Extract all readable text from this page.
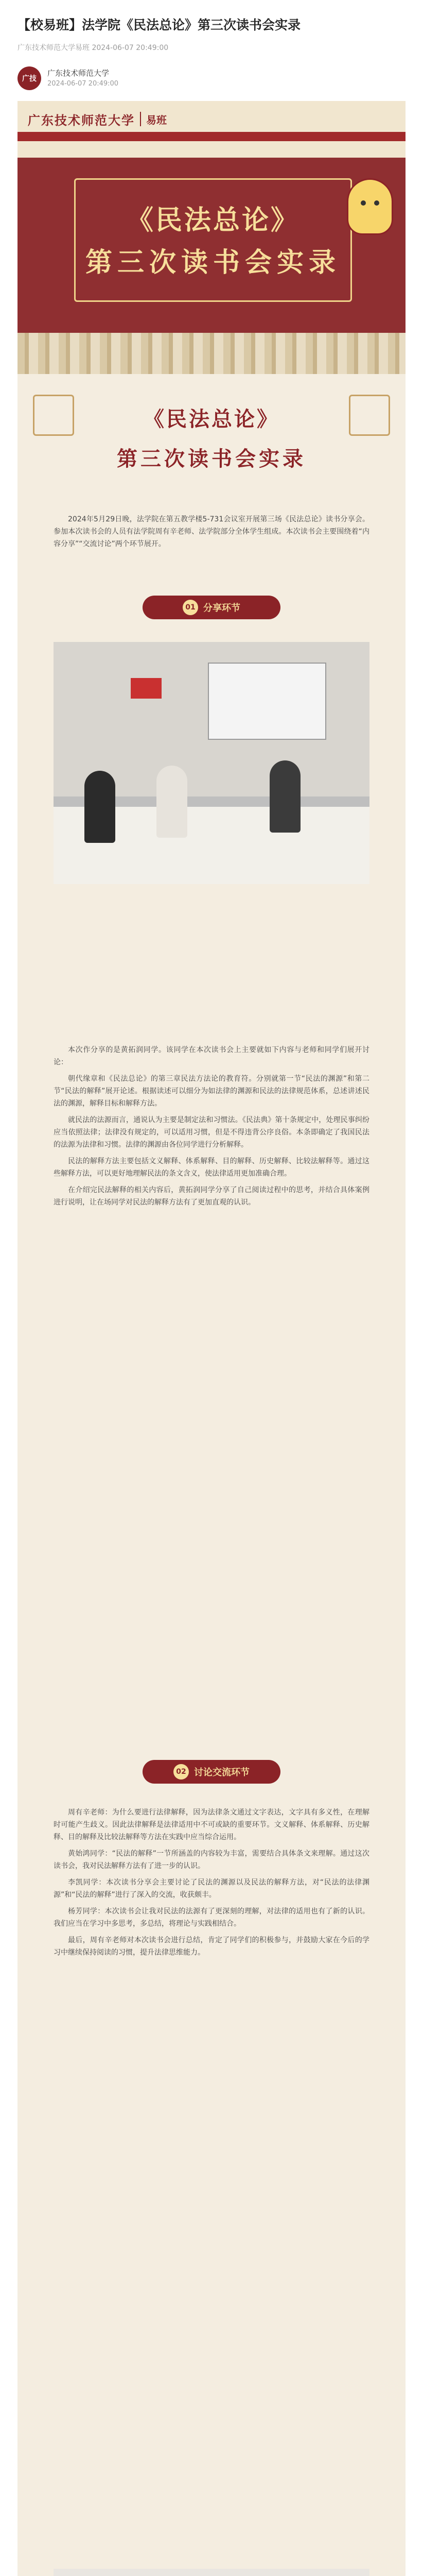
【校易班】法学院《民法总论》第三次读书会实录
广东技术师范大学易班 2024-06-07 20:49:00
广技
广东技术师范大学
2024-06-07 20:49:00
广东技术师范大学 易班
《民法总论》
第三次读书会实录
《民法总论》
第三次读书会实录

2024年5月29日晚，法学院在第五教学楼5-731会议室开展第三场《民法总论》读书分享会。参加本次读书会的人员有法学院周有辛老师、法学院部分全体学生组成。本次读书会主要围绕着“内容分享”“交流讨论”两个环节展开。

01 分享环节

本次作分享的是黄拓润同学。该同学在本次读书会上主要就如下内容与老师和同学们展开讨论：

朝代缘章和《民法总论》的第三章民法方法论的教育符。分别就第一节“民法的渊源”和第二节“民法的解释”展开论述。根据读述可以细分为如法律的渊源和民法的法律规范体系，总述讲述民法的渊源，解释目标和解释方法。

就民法的法源而言，通说认为主要是制定法和习惯法。《民法典》第十条规定中，处理民事纠纷应当依照法律；法律没有规定的，可以适用习惯，但是不得违背公序良俗。本条即确定了我国民法的法源为法律和习惯。法律的渊源由各位同学进行分析解释。

民法的解释方法主要包括文义解释、体系解释、目的解释、历史解释、比较法解释等。通过这些解释方法，可以更好地理解民法的条文含义，使法律适用更加准确合理。

在介绍完民法解释的相关内容后，黄拓润同学分享了自己阅读过程中的思考，并结合具体案例进行说明，让在场同学对民法的解释方法有了更加直观的认识。

02 讨论交流环节

周有辛老师：为什么要进行法律解释，因为法律条文通过文字表达，文字具有多义性，在理解时可能产生歧义。因此法律解释是法律适用中不可或缺的重要环节。文义解释、体系解释、历史解释、目的解释及比较法解释等方法在实践中应当综合运用。

黄始鸿同学：“民法的解释”一节所涵盖的内容较为丰富，需要结合具体条文来理解。通过这次读书会，我对民法解释方法有了进一步的认识。

李凯同学：本次读书分享会主要讨论了民法的渊源以及民法的解释方法，对“民法的法律渊源”和“民法的解释”进行了深入的交流，收获颇丰。

杨芳同学：本次读书会让我对民法的法源有了更深刻的理解，对法律的适用也有了新的认识。我们应当在学习中多思考，多总结，将理论与实践相结合。

最后，周有辛老师对本次读书会进行总结，肯定了同学们的积极参与，并鼓励大家在今后的学习中继续保持阅读的习惯，提升法律思维能力。
